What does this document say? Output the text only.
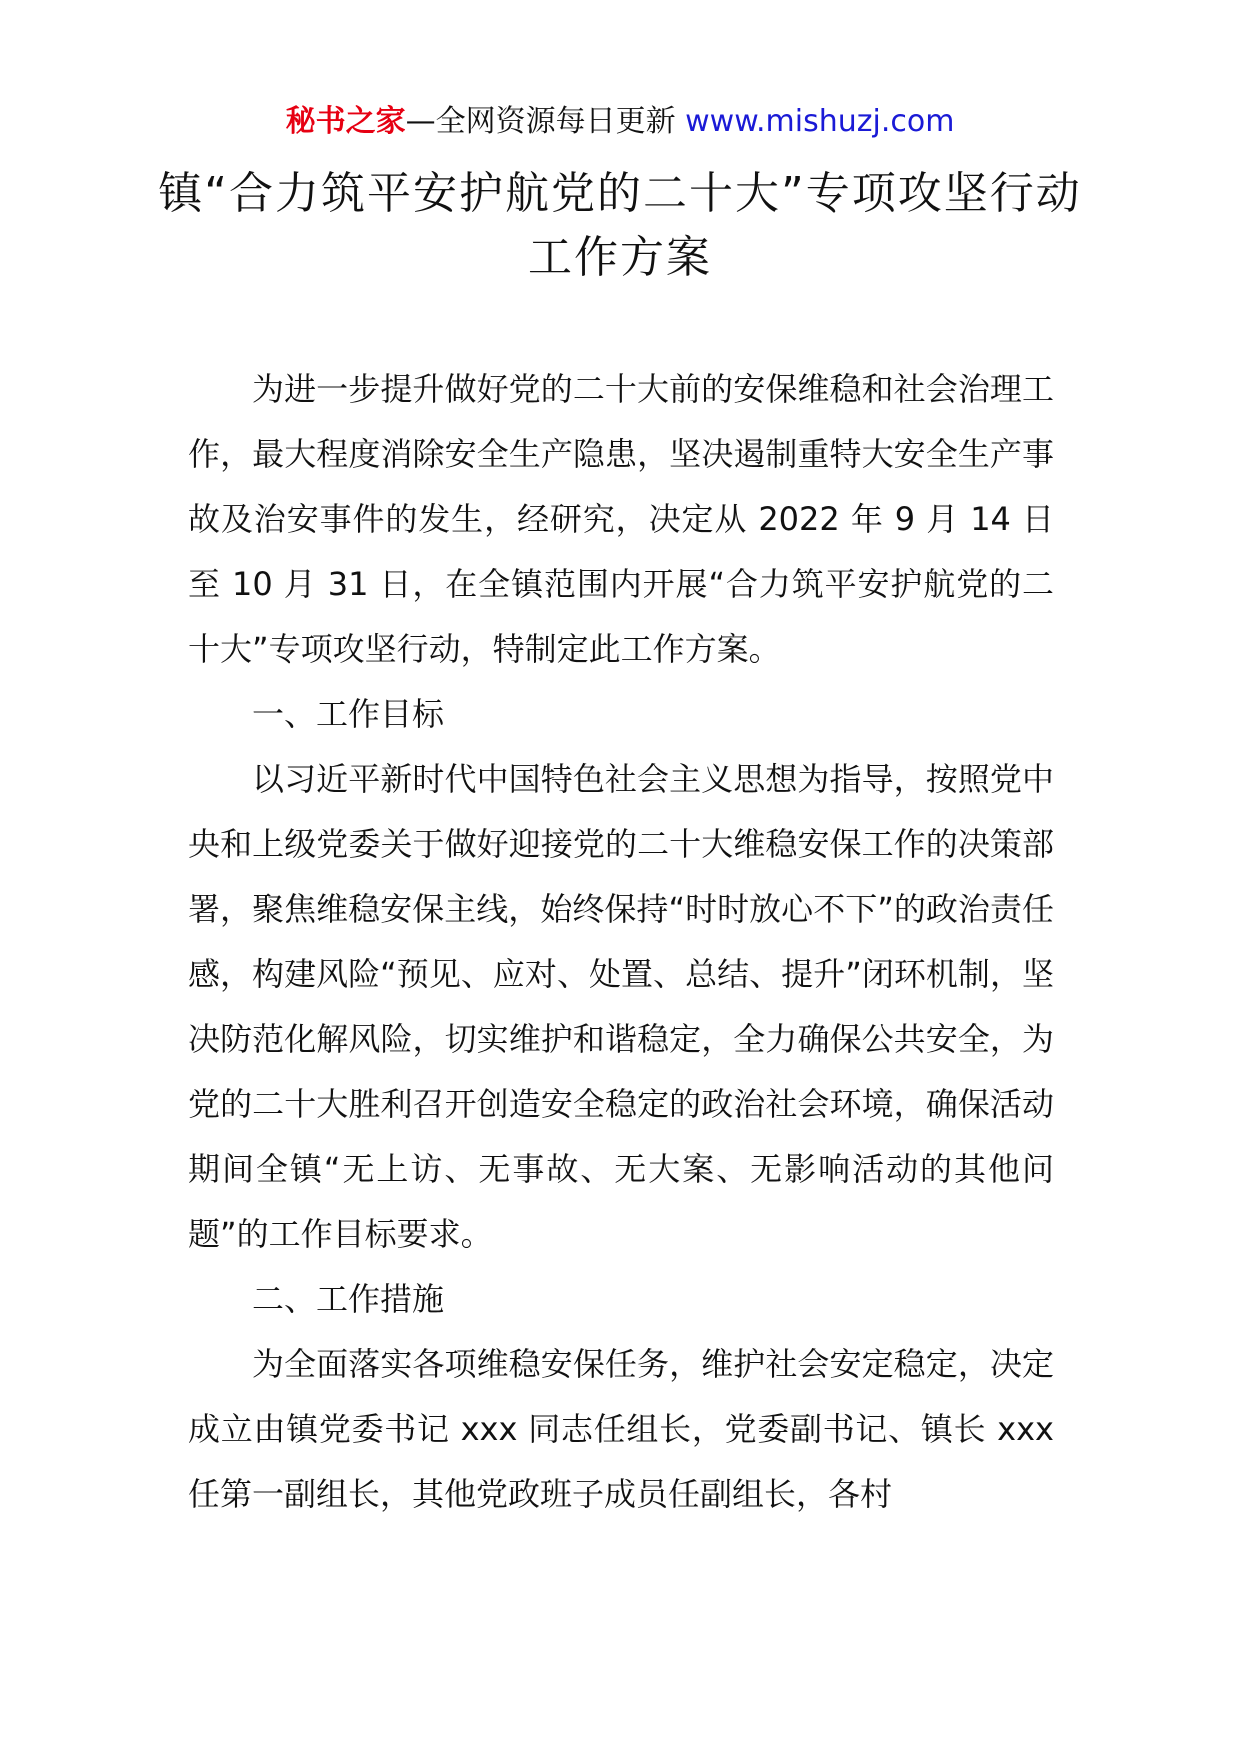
秘书之家—全网资源每日更新 www.mishuzj.com
镇“合力筑平安护航党的二十大”专项攻坚行动工作方案

为进一步提升做好党的二十大前的安保维稳和社会治理工作，最大程度消除安全生产隐患，坚决遏制重特大安全生产事故及治安事件的发生，经研究，决定从 2022 年 9 月 14 日至 10 月 31 日，在全镇范围内开展“合力筑平安护航党的二十大”专项攻坚行动，特制定此工作方案。

一、工作目标

以习近平新时代中国特色社会主义思想为指导，按照党中央和上级党委关于做好迎接党的二十大维稳安保工作的决策部署，聚焦维稳安保主线，始终保持“时时放心不下”的政治责任感，构建风险“预见、应对、处置、总结、提升”闭环机制，坚决防范化解风险，切实维护和谐稳定，全力确保公共安全，为党的二十大胜利召开创造安全稳定的政治社会环境，确保活动期间全镇“无上访、无事故、无大案、无影响活动的其他问题”的工作目标要求。

二、工作措施

为全面落实各项维稳安保任务，维护社会安定稳定，决定成立由镇党委书记 xxx 同志任组长，党委副书记、镇长 xxx 任第一副组长，其他党政班子成员任副组长，各村
